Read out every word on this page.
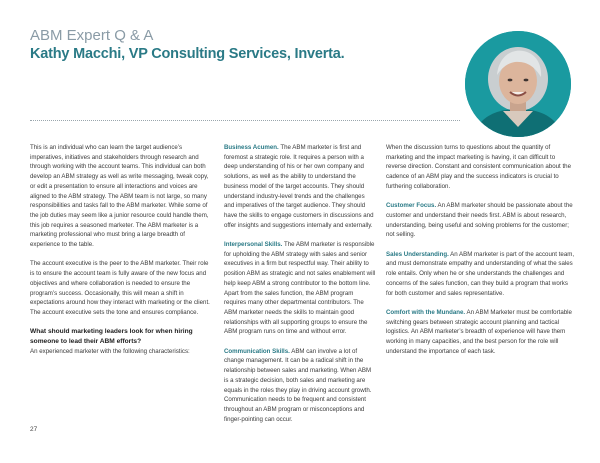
ABM Expert Q & A
Kathy Macchi, VP Consulting Services, Inverta.

This is an individual who can learn the target audience’s imperatives, initiatives and stakeholders through research and through working with the account teams. This individual can both develop an ABM strategy as well as write messaging, tweak copy, or edit a presentation to ensure all interactions and voices are aligned to the ABM strategy. The ABM team is not large, so many responsibilities and tasks fall to the ABM marketer. While some of the job duties may seem like a junior resource could handle them, this job requires a seasoned marketer. The ABM marketer is a marketing professional who must bring a large breadth of experience to the table.

The account executive is the peer to the ABM marketer. Their role is to ensure the account team is fully aware of the new focus and objectives and where collaboration is needed to ensure the program’s success. Occasionally, this will mean a shift in expectations around how they interact with marketing or the client. The account executive sets the tone and ensures compliance.

What should marketing leaders look for when hiring someone to lead their ABM efforts?

An experienced marketer with the following characteristics:

Business Acumen. The ABM marketer is first and foremost a strategic role. It requires a person with a deep understanding of his or her own company and solutions, as well as the ability to understand the business model of the target accounts. They should understand industry-level trends and the challenges and imperatives of the target audience. They should have the skills to engage customers in discussions and offer insights and suggestions internally and externally.

Interpersonal Skills. The ABM marketer is responsible for upholding the ABM strategy with sales and senior executives in a firm but respectful way. Their ability to position ABM as strategic and not sales enablement will help keep ABM a strong contributor to the bottom line. Apart from the sales function, the ABM program requires many other departmental contributors. The ABM marketer needs the skills to maintain good relationships with all supporting groups to ensure the ABM program runs on time and without error.

Communication Skills. ABM can involve a lot of change management. It can be a radical shift in the relationship between sales and marketing. When ABM is a strategic decision, both sales and marketing are equals in the roles they play in driving account growth. Communication needs to be frequent and consistent throughout an ABM program or misconceptions and finger-pointing can occur.

When the discussion turns to questions about the quantity of marketing and the impact marketing is having, it can difficult to reverse direction. Constant and consistent communication about the cadence of an ABM play and the success indicators is crucial to furthering collaboration.

Customer Focus. An ABM marketer should be passionate about the customer and understand their needs first. ABM is about research, understanding, being useful and solving problems for the customer; not selling.

Sales Understanding. An ABM marketer is part of the account team, and must demonstrate empathy and understanding of what the sales role entails. Only when he or she understands the challenges and concerns of the sales function, can they build a program that works for both customer and sales representative.

Comfort with the Mundane. An ABM Marketer must be comfortable switching gears between strategic account planning and tactical logistics. An ABM marketer’s breadth of experience will have them working in many capacities, and the best person for the role will understand the importance of each task.

27
